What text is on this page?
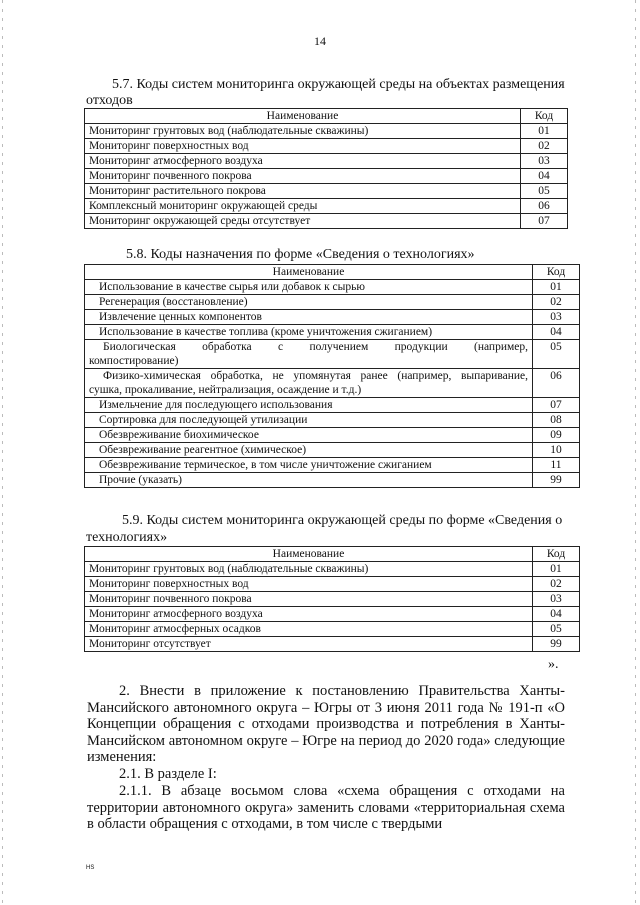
14
5.7. Коды систем мониторинга окружающей среды на объектах размещения
отходов
Наименование	Код
Мониторинг грунтовых вод (наблюдательные скважины)	01
Мониторинг поверхностных вод	02
Мониторинг атмосферного воздуха	03
Мониторинг почвенного покрова	04
Мониторинг растительного покрова	05
Комплексный мониторинг окружающей среды	06
Мониторинг окружающей среды отсутствует	07
5.8. Коды назначения по форме «Сведения о технологиях»
Наименование	Код
Использование в качестве сырья или добавок к сырью	01
Регенерация (восстановление)	02
Извлечение ценных компонентов	03
Использование в качестве топлива (кроме уничтожения сжиганием)	04

Биологическая обработка с получением продукции (например,
компостирование)	05

Физико-химическая обработка, не упомянутая ранее (например, выпаривание,
сушка, прокаливание, нейтрализация, осаждение и т.д.)	06
Измельчение для последующего использования	07
Сортировка для последующей утилизации	08
Обезвреживание биохимическое	09
Обезвреживание реагентное (химическое)	10
Обезвреживание термическое, в том числе уничтожение сжиганием	11
Прочие (указать)	99
5.9. Коды систем мониторинга окружающей среды по форме «Сведения о
технологиях»
Наименование	Код
Мониторинг грунтовых вод (наблюдательные скважины)	01
Мониторинг поверхностных вод	02
Мониторинг почвенного покрова	03
Мониторинг атмосферного воздуха	04
Мониторинг атмосферных осадков	05
Мониторинг отсутствует	99
».
2. Внести в приложение к постановлению Правительства Ханты-Мансийского автономного округа – Югры от 3 июня 2011 года № 191-п «О Концепции обращения с отходами производства и потребления в Ханты-Мансийском автономном округе – Югре на период до 2020 года» следующие изменения:
2.1. В разделе I:
2.1.1. В абзаце восьмом слова «схема обращения с отходами на территории автономного округа» заменить словами «территориальная схема в области обращения с отходами, в том числе с твердыми
HS
